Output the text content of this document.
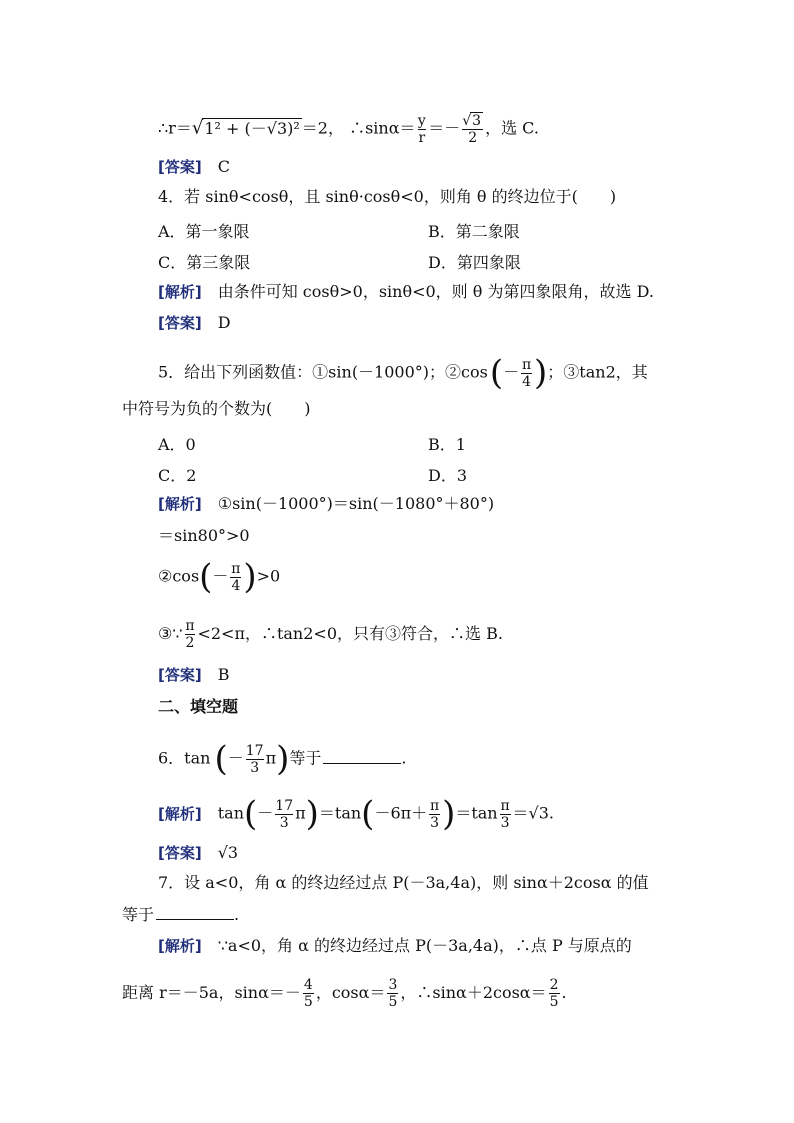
∴r＝√1² + (－√3)² ＝2， ∴sinα＝ $\frac{y}{r} =- \frac{√3}{2}$ ，选 C.
[答案] C
4．若 sinθ<cosθ，且 sinθ·cosθ<0，则角 θ 的终边位于(　　)
A．第一象限	B．第二象限
C．第三象限	D．第四象限
[解析] 由条件可知 cosθ>0，sinθ<0，则 θ 为第四象限角，故选 D.
[答案] D
5．给出下列函数值：①sin(－1000°)；②cos(－ $\frac{\pi}{4}$ )；③tan2，其
中符号为负的个数为(　　)
A．0	B．1
C．2	D．3
[解析] ①sin(－1000°)＝sin(－1080°＋80°)
＝sin80°>0
②cos(－ $\frac{\pi}{4} )>0$
③∵ $\frac{\pi}{2} <2<\pi$，∴tan2<0，只有③符合，∴选 B.
[答案] B
二、填空题
6．tan (－ $\frac{17}{3} \pi$)等于	.
[解析] $\tan(- \frac{17}{3} \pi)=\tan(-6\pi+ \frac{\pi}{3} )=\tan \frac{\pi}{3} =√3$.
[答案] √3
7．设 a<0，角 α 的终边经过点 P(－3a,4a)，则 sinα＋2cosα 的值
等于	.
[解析] ∵a<0，角 α 的终边经过点 P(－3a,4a)，∴点 P 与原点的
距离 r＝－5a，$\sin\alpha=- \frac{4}{5}$ ，$\cos\alpha= \frac{3}{5}$ ，∴sinα＋2cosα＝ $\frac{2}{5}$ .
